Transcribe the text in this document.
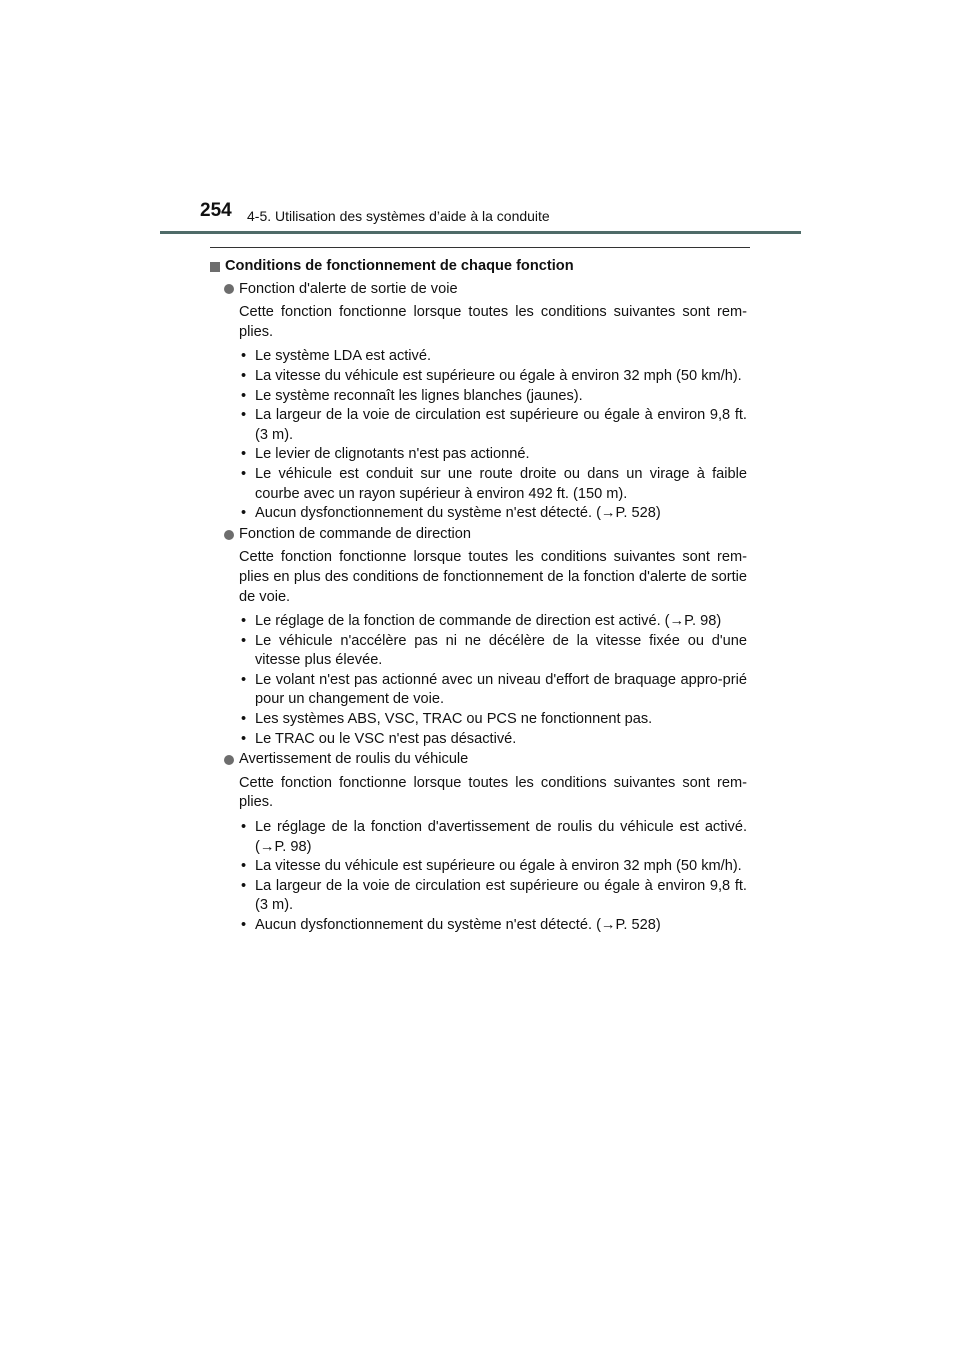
254 4-5. Utilisation des systèmes d’aide à la conduite
Conditions de fonctionnement de chaque fonction
Fonction d'alerte de sortie de voie

Cette fonction fonctionne lorsque toutes les conditions suivantes sont rem-plies.

• Le système LDA est activé.
• La vitesse du véhicule est supérieure ou égale à environ 32 mph (50 km/h).
• Le système reconnaît les lignes blanches (jaunes).
• La largeur de la voie de circulation est supérieure ou égale à environ 9,8 ft. (3 m).
• Le levier de clignotants n'est pas actionné.
• Le véhicule est conduit sur une route droite ou dans un virage à faible courbe avec un rayon supérieur à environ 492 ft. (150 m).
• Aucun dysfonctionnement du système n'est détecté. (→P. 528)
Fonction de commande de direction

Cette fonction fonctionne lorsque toutes les conditions suivantes sont rem-plies en plus des conditions de fonctionnement de la fonction d'alerte de sortie de voie.

• Le réglage de la fonction de commande de direction est activé. (→P. 98)
• Le véhicule n'accélère pas ni ne décélère de la vitesse fixée ou d'une vitesse plus élevée.
• Le volant n'est pas actionné avec un niveau d'effort de braquage appro-prié pour un changement de voie.
• Les systèmes ABS, VSC, TRAC ou PCS ne fonctionnent pas.
• Le TRAC ou le VSC n'est pas désactivé.
Avertissement de roulis du véhicule

Cette fonction fonctionne lorsque toutes les conditions suivantes sont rem-plies.

• Le réglage de la fonction d'avertissement de roulis du véhicule est activé. (→P. 98)
• La vitesse du véhicule est supérieure ou égale à environ 32 mph (50 km/h).
• La largeur de la voie de circulation est supérieure ou égale à environ 9,8 ft. (3 m).
• Aucun dysfonctionnement du système n'est détecté. (→P. 528)
